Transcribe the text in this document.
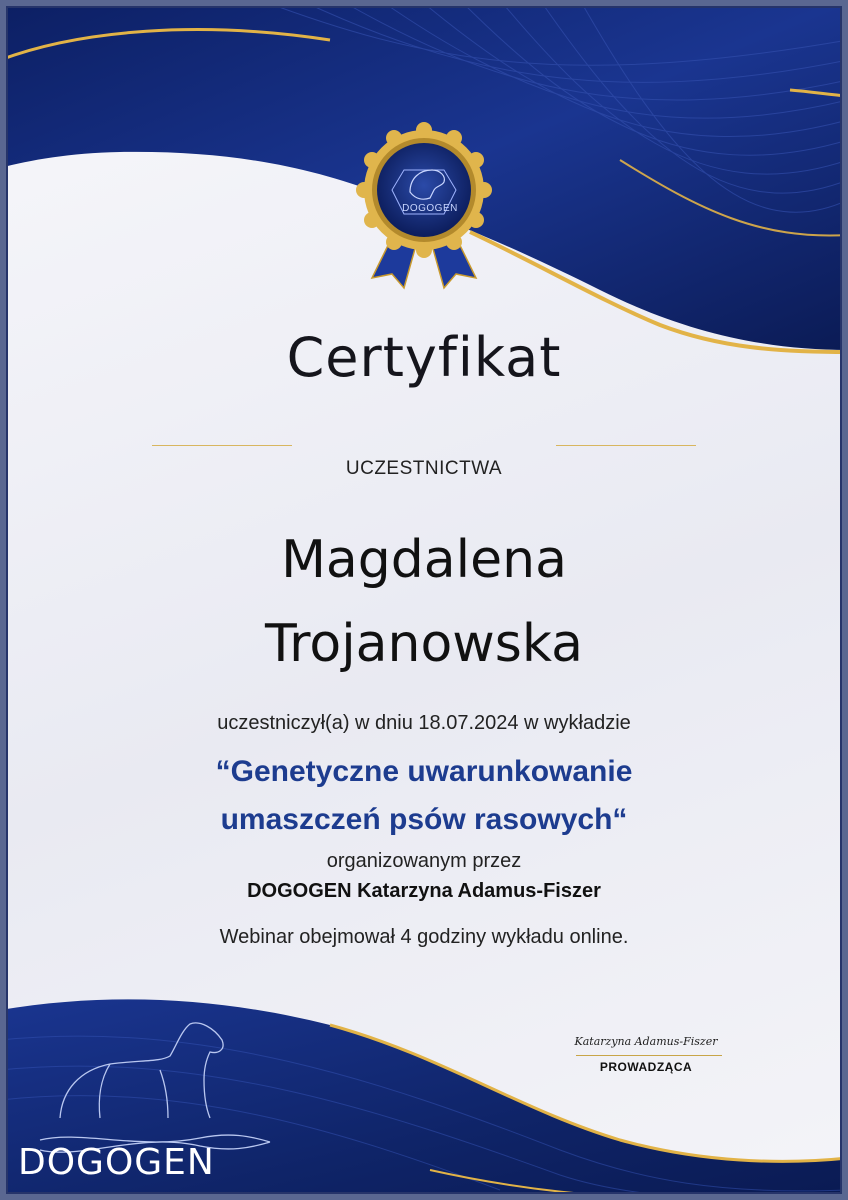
DOGOGEN
Certyfikat
UCZESTNICTWA
Magdalena
Trojanowska
uczestniczył(a) w dniu 18.07.2024 w wykładzie
“Genetyczne uwarunkowanie
umaszczeń psów rasowych“
organizowanym przez
DOGOGEN Katarzyna Adamus-Fiszer
Webinar obejmował 4 godziny wykładu online.
Katarzyna Adamus-Fiszer
PROWADZĄCA
DOGOGEN
